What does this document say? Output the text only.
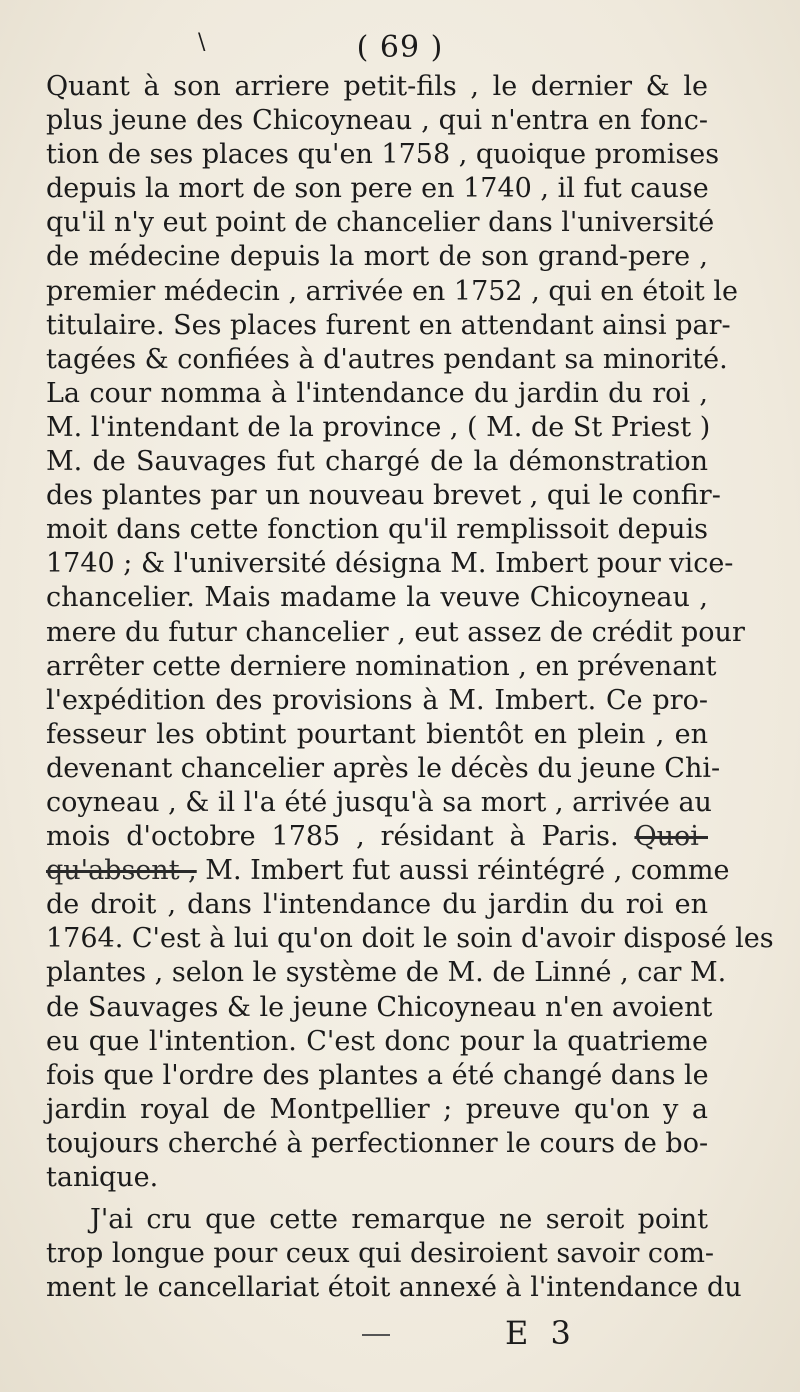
\	( 69 )
Quant à son arriere petit-fils , le dernier & le
plus jeune des Chicoyneau , qui n'entra en fonc-
tion de ses places qu'en 1758 , quoique promises
depuis la mort de son pere en 1740 , il fut cause
qu'il n'y eut point de chancelier dans l'université
de médecine depuis la mort de son grand-pere ,
premier médecin , arrivée en 1752 , qui en étoit le
titulaire. Ses places furent en attendant ainsi par-
tagées & confiées à d'autres pendant sa minorité.
La cour nomma à l'intendance du jardin du roi ,
M. l'intendant de la province , ( M. de St Priest )
M. de Sauvages fut chargé de la démonstration
des plantes par un nouveau brevet , qui le confir-
moit dans cette fonction qu'il remplissoit depuis
1740 ; & l'université désigna M. Imbert pour vice-
chancelier. Mais madame la veuve Chicoyneau ,
mere du futur chancelier , eut assez de crédit pour
arrêter cette derniere nomination , en prévenant
l'expédition des provisions à M. Imbert. Ce pro-
fesseur les obtint pourtant bientôt en plein , en
devenant chancelier après le décès du jeune Chi-
coyneau , & il l'a été jusqu'à sa mort , arrivée au
mois d'octobre 1785 , résidant à Paris. Quoi-
qu'absent , M. Imbert fut aussi réintégré , comme
de droit , dans l'intendance du jardin du roi en
1764. C'est à lui qu'on doit le soin d'avoir disposé les
plantes , selon le système de M. de Linné , car M.
de Sauvages & le jeune Chicoyneau n'en avoient
eu que l'intention. C'est donc pour la quatrieme
fois que l'ordre des plantes a été changé dans le
jardin royal de Montpellier ; preuve qu'on y a
toujours cherché à perfectionner le cours de bo-
tanique.
J'ai cru que cette remarque ne seroit point
trop longue pour ceux qui desiroient savoir com-
ment le cancellariat étoit annexé à l'intendance du
E 3
